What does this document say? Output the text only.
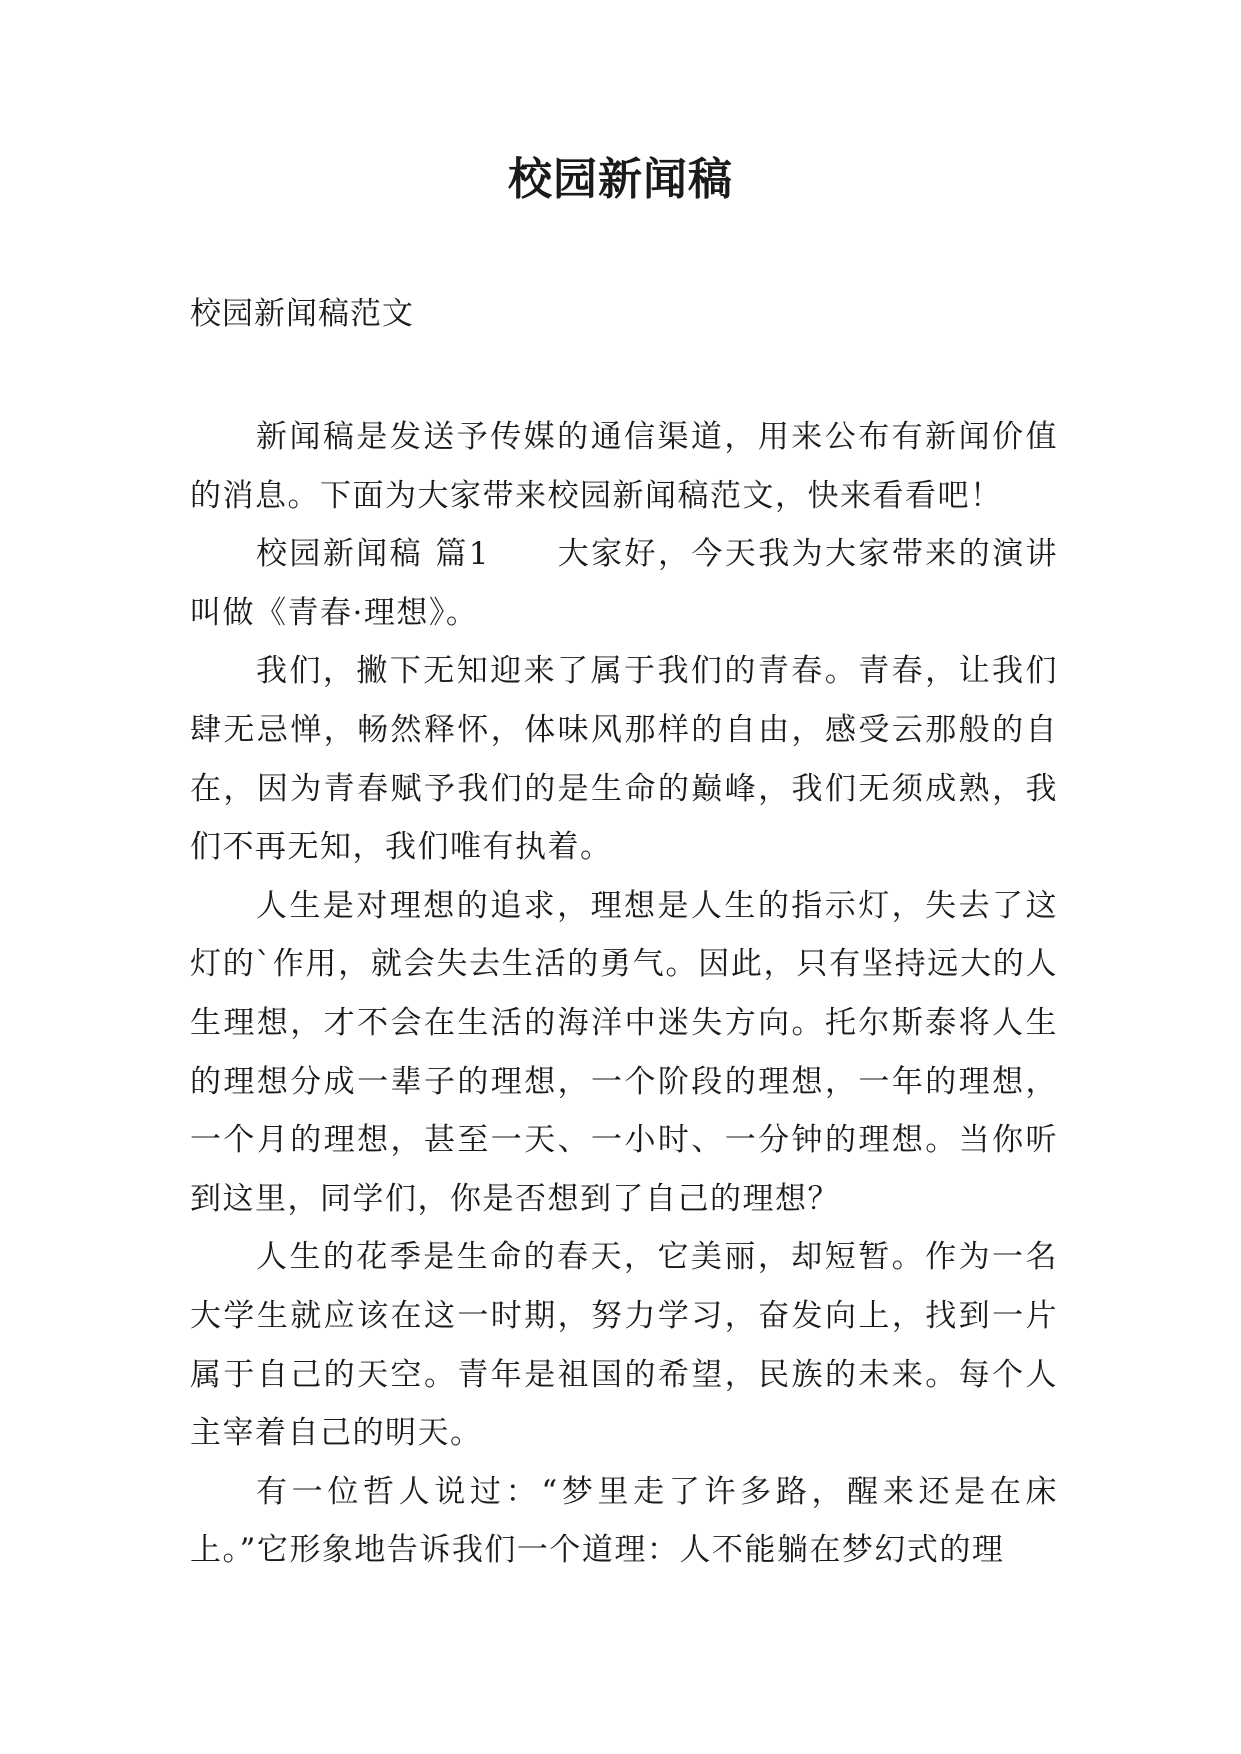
校园新闻稿

校园新闻稿范文

新闻稿是发送予传媒的通信渠道，用来公布有新闻价值的消息。下面为大家带来校园新闻稿范文，快来看看吧！

校园新闻稿 篇1　　大家好，今天我为大家带来的演讲叫做《青春·理想》。

我们，撇下无知迎来了属于我们的青春。青春，让我们肆无忌惮，畅然释怀，体味风那样的自由，感受云那般的自在，因为青春赋予我们的是生命的巅峰，我们无须成熟，我们不再无知，我们唯有执着。

人生是对理想的追求，理想是人生的指示灯，失去了这灯的`作用，就会失去生活的勇气。因此，只有坚持远大的人生理想，才不会在生活的海洋中迷失方向。托尔斯泰将人生的理想分成一辈子的理想，一个阶段的理想，一年的理想，一个月的理想，甚至一天、一小时、一分钟的理想。当你听到这里，同学们，你是否想到了自己的理想？

人生的花季是生命的春天，它美丽，却短暂。作为一名大学生就应该在这一时期，努力学习，奋发向上，找到一片属于自己的天空。青年是祖国的希望，民族的未来。每个人主宰着自己的明天。

有一位哲人说过：“梦里走了许多路，醒来还是在床上。”它形象地告诉我们一个道理：人不能躺在梦幻式的理
